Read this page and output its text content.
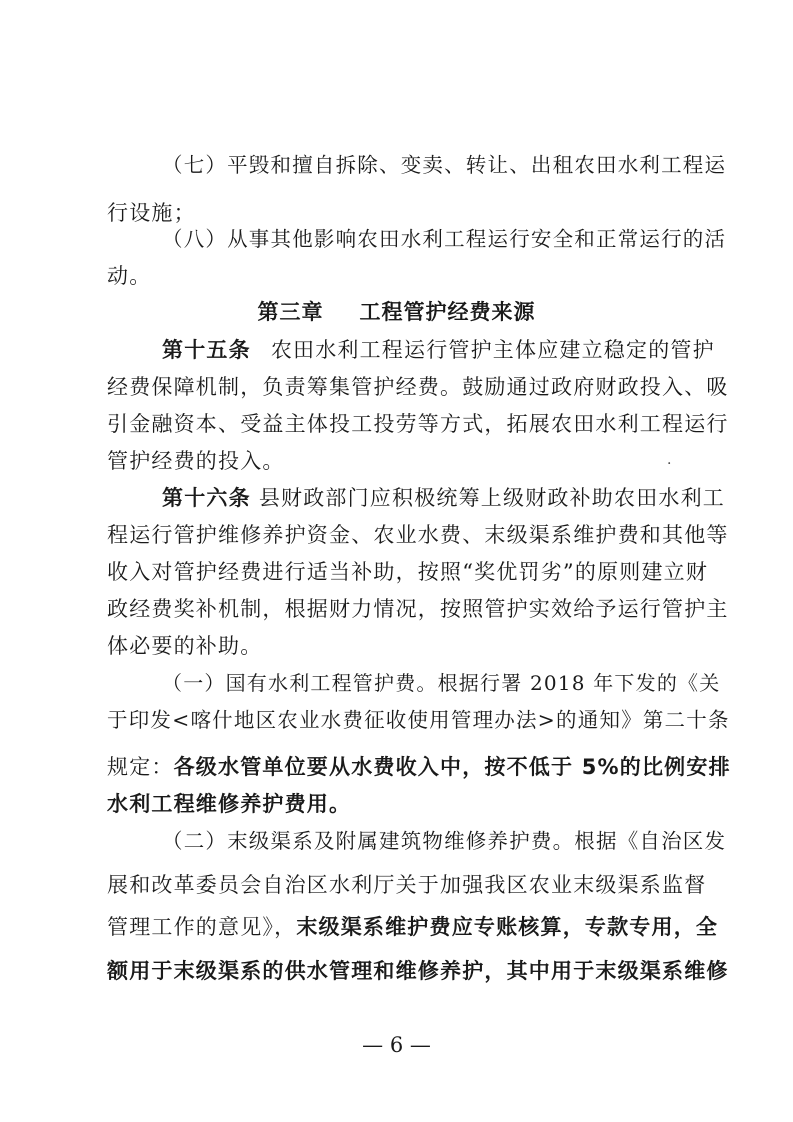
（七）平毁和擅自拆除、变卖、转让、出租农田水利工程运
行设施；
（八）从事其他影响农田水利工程运行安全和正常运行的活
动。
第三章 工程管护经费来源
第十五条 农田水利工程运行管护主体应建立稳定的管护
经费保障机制，负责筹集管护经费。鼓励通过政府财政投入、吸
引金融资本、受益主体投工投劳等方式，拓展农田水利工程运行
管护经费的投入。	·
第十六条 县财政部门应积极统筹上级财政补助农田水利工
程运行管护维修养护资金、农业水费、末级渠系维护费和其他等
收入对管护经费进行适当补助，按照“奖优罚劣”的原则建立财
政经费奖补机制，根据财力情况，按照管护实效给予运行管护主
体必要的补助。
（一）国有水利工程管护费。根据行署 2018 年下发的《关
于印发<喀什地区农业水费征收使用管理办法>的通知》第二十条
规定：各级水管单位要从水费收入中，按不低于 5%的比例安排
水利工程维修养护费用。
（二）末级渠系及附属建筑物维修养护费。根据《自治区发
展和改革委员会自治区水利厅关于加强我区农业末级渠系监督
管理工作的意见》，末级渠系维护费应专账核算，专款专用，全
额用于末级渠系的供水管理和维修养护，其中用于末级渠系维修
— 6 —
